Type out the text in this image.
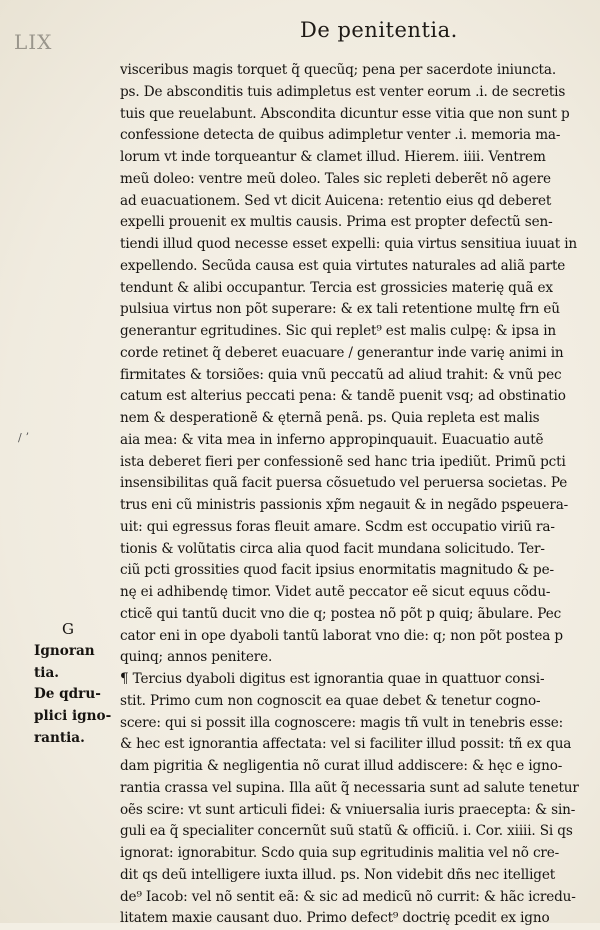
LIX	De penitentia.
/ ʼ
visceribus magis torquet q̃ quecũq; pena per sacerdote iniuncta.
ps. De absconditis tuis adimpletus est venter eorum .i. de secretis
tuis que reuelabunt. Abscondita dicuntur esse vitia que non sunt p
confessione detecta de quibus adimpletur venter .i. memoria ma-
lorum vt inde torqueantur & clamet illud. Hierem. iiii. Ventrem
meũ doleo: ventre meũ doleo. Tales sic repleti deberẽt nõ agere
ad euacuationem. Sed vt dicit Auicena: retentio eius qd deberet
expelli prouenit ex multis causis. Prima est propter defectũ sen-
tiendi illud quod necesse esset expelli: quia virtus sensitiua iuuat in
expellendo. Secũda causa est quia virtutes naturales ad aliã parte
tendunt & alibi occupantur. Tercia est grossicies materię quã ex
pulsiua virtus non põt superare: & ex tali retentione multę frn eũ
generantur egritudines. Sic qui replet⁹ est malis culpę: & ipsa in
corde retinet q̃ deberet euacuare / generantur inde varię animi in
firmitates & torsiões: quia vnũ peccatũ ad aliud trahit: & vnũ pec
catum est alterius peccati pena: & tandẽ puenit vsq; ad obstinatio
nem & desperationẽ & ęternã penã. ps. Quia repleta est malis
aia mea: & vita mea in inferno appropinquauit. Euacuatio autẽ
ista deberet fieri per confessionẽ sed hanc tria ipediũt. Primũ pcti
insensibilitas quã facit puersa cõsuetudo vel peruersa societas. Pe
trus eni cũ ministris passionis xp̃m negauit & in negãdo psꝑeuera-
uit: qui egressus foras fleuit amare. Scdm est occupatio viriũ ra-
tionis & volũtatis circa alia quod facit mundana solicitudo. Ter-
ciũ pcti grossities quod facit ipsius enormitatis magnitudo & pe-
nę ei adhibendę timor. Videt autẽ peccator eẽ sicut equus cõdu-
cticẽ qui tantũ ducit vno die q; postea nõ põt p quiq; ãbulare. Pec
cator eni in ope dyaboli tantũ laborat vno die: q; non põt postea p
quinq; annos penitere.
¶ Tercius dyaboli digitus est ignorantia quae in quattuor consi-
stit. Primo cum non cognoscit ea quae debet & tenetur cogno-
scere: qui si possit illa cognoscere: magis tñ vult in tenebris esse:
& hec est ignorantia affectata: vel si faciliter illud possit: tñ ex qua
dam pigritia & negligentia nõ curat illud addiscere: & hęc e igno-
rantia crassa vel supina. Illa aũt q̃ necessaria sunt ad salute tenetur
oẽs scire: vt sunt articuli fidei: & vniuersalia iuris praecepta: & sin-
guli ea q̃ specialiter concernũt suũ statũ & officiũ. i. Cor. xiiii. Si qs
ignorat: ignorabitur. Scdo quia sup egritudinis malitia vel nõ cre-
dit qs deũ intelligere iuxta illud. ps. Non videbit dñs nec itelliget
de⁹ Iacob: vel nõ sentit eã: & sic ad medicũ nõ currit: & hãc icredu-
litatem maxie causant duo. Primo defect⁹ doctrię pcedit ex igno
G
Ignoran
tia.
De qdru-
plici igno-
rantia.
